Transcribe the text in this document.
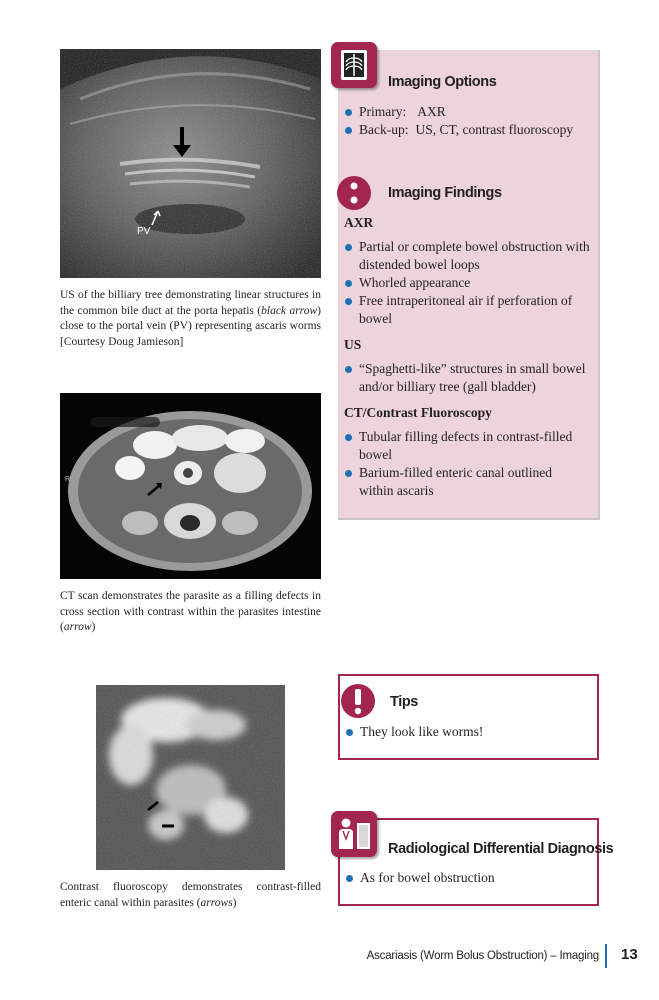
PV
US of the billiary tree demonstrating linear structures in the common bile duct at the porta hepatis (black arrow) close to the portal vein (PV) representing ascaris worms [Courtesy Doug Jamieson]
R
CT scan demonstrates the parasite as a filling defects in cross section with contrast within the parasites intestine (arrow)
Contrast fluoroscopy demonstrates contrast-filled enteric canal within parasites (arrows)
Imaging Options
Primary: AXR
Back-up: US, CT, contrast fluoroscopy
Imaging Findings
AXR
Partial or complete bowel obstruction with distended bowel loops
Whorled appearance
Free intraperitoneal air if perforation of bowel
US
“Spaghetti-like” structures in small bowel and/or billiary tree (gall bladder)
CT/Contrast Fluoroscopy
Tubular filling defects in contrast-filled bowel
Barium-filled enteric canal outlined within ascaris
Tips
They look like worms!
Radiological Differential Diagnosis
As for bowel obstruction
Ascariasis (Worm Bolus Obstruction) – Imaging 13
